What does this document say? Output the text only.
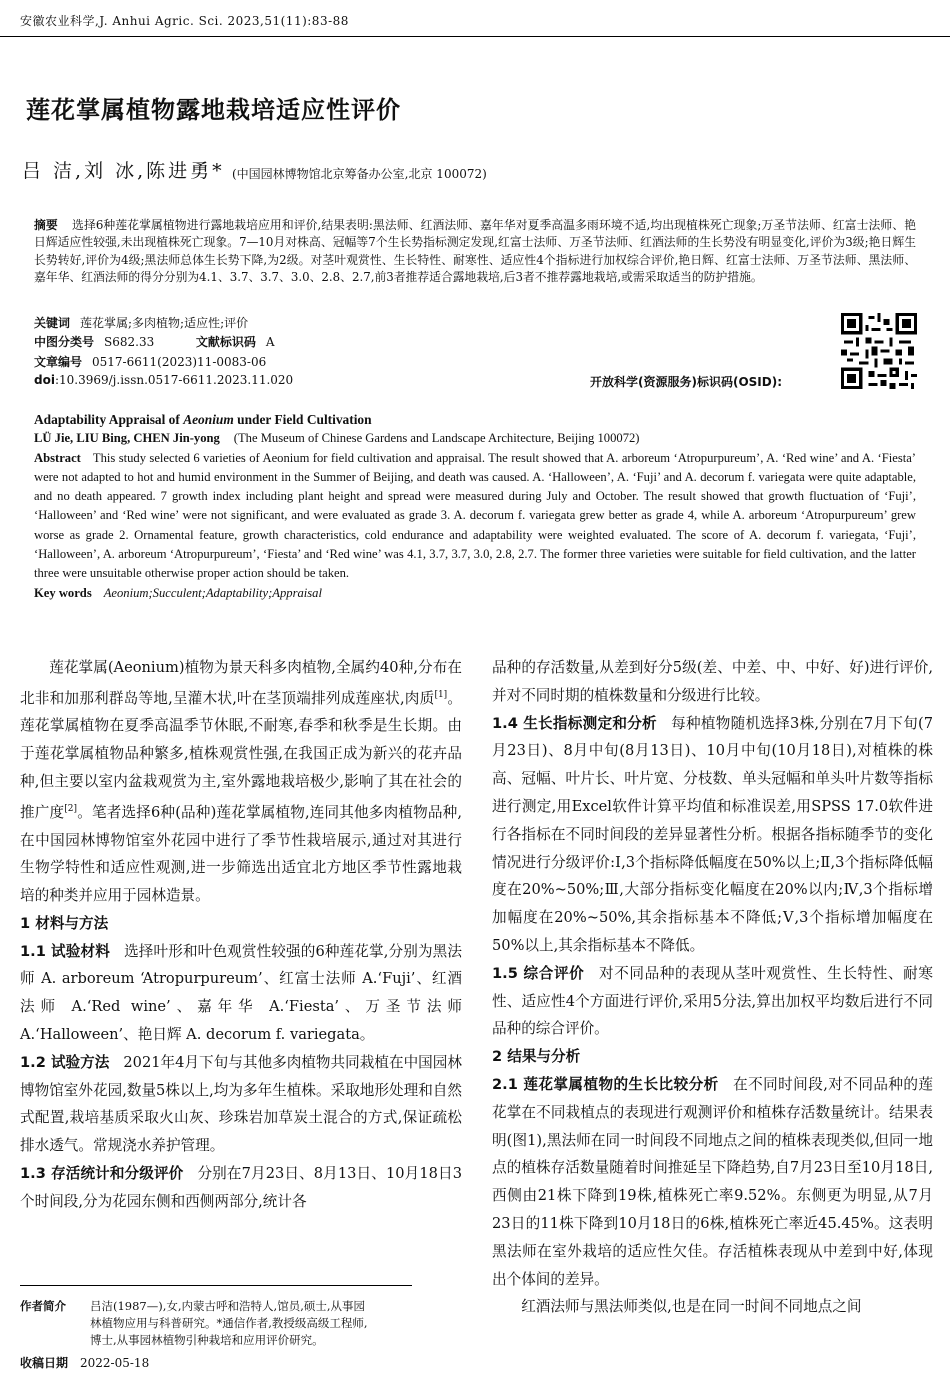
安徽农业科学,J. Anhui Agric. Sci. 2023,51(11):83-88
莲花掌属植物露地栽培适应性评价
吕 洁,刘 冰,陈进勇* (中国园林博物馆北京筹备办公室,北京 100072)
摘要 选择6种莲花掌属植物进行露地栽培应用和评价,结果表明:黑法师、红酒法师、嘉年华对夏季高温多雨环境不适,均出现植株死亡现象;万圣节法师、红富士法师、艳日辉适应性较强,未出现植株死亡现象。7—10月对株高、冠幅等7个生长势指标测定发现,红富士法师、万圣节法师、红酒法师的生长势没有明显变化,评价为3级;艳日辉生长势转好,评价为4级;黑法师总体生长势下降,为2级。对茎叶观赏性、生长特性、耐寒性、适应性4个指标进行加权综合评价,艳日辉、红富士法师、万圣节法师、黑法师、嘉年华、红酒法师的得分分别为4.1、3.7、3.7、3.0、2.8、2.7,前3者推荐适合露地栽培,后3者不推荐露地栽培,或需采取适当的防护措施。
关键词 莲花掌属;多肉植物;适应性;评价
中图分类号 S682.33	文献标识码 A
文章编号 0517-6611(2023)11-0083-06
doi:10.3969/j.issn.0517-6611.2023.11.020	开放科学(资源服务)标识码(OSID):
Adaptability Appraisal of Aeonium under Field Cultivation
LÜ Jie, LIU Bing, CHEN Jin-yong (The Museum of Chinese Gardens and Landscape Architecture, Beijing 100072)
Abstract This study selected 6 varieties of Aeonium for field cultivation and appraisal. The result showed that A. arboreum ‘Atropurpureum’, A. ‘Red wine’ and A. ‘Fiesta’ were not adapted to hot and humid environment in the Summer of Beijing, and death was caused. A. ‘Halloween’, A. ‘Fuji’ and A. decorum f. variegata were quite adaptable, and no death appeared. 7 growth index including plant height and spread were measured during July and October. The result showed that growth fluctuation of ‘Fuji’, ‘Halloween’ and ‘Red wine’ were not significant, and were evaluated as grade 3. A. decorum f. variegata grew better as grade 4, while A. arboreum ‘Atropurpureum’ grew worse as grade 2. Ornamental feature, growth characteristics, cold endurance and adaptability were weighted evaluated. The score of A. decorum f. variegata, ‘Fuji’, ‘Halloween’, A. arboreum ‘Atropurpureum’, ‘Fiesta’ and ‘Red wine’ was 4.1, 3.7, 3.7, 3.0, 2.8, 2.7. The former three varieties were suitable for field cultivation, and the latter three were unsuitable otherwise proper action should be taken.
Key words Aeonium;Succulent;Adaptability;Appraisal

莲花掌属(Aeonium)植物为景天科多肉植物,全属约40种,分布在北非和加那利群岛等地,呈灌木状,叶在茎顶端排列成莲座状,肉质[1]。莲花掌属植物在夏季高温季节休眠,不耐寒,春季和秋季是生长期。由于莲花掌属植物品种繁多,植株观赏性强,在我国正成为新兴的花卉品种,但主要以室内盆栽观赏为主,室外露地栽培极少,影响了其在社会的推广度[2]。笔者选择6种(品种)莲花掌属植物,连同其他多肉植物品种,在中国园林博物馆室外花园中进行了季节性栽培展示,通过对其进行生物学特性和适应性观测,进一步筛选出适宜北方地区季节性露地栽培的种类并应用于园林造景。

1 材料与方法
1.1 试验材料 选择叶形和叶色观赏性较强的6种莲花掌,分别为黑法师 A. arboreum ‘Atropurpureum’、红富士法师 A.‘Fuji’、红酒法师 A.‘Red wine’、嘉年华 A.‘Fiesta’、万圣节法师 A.‘Halloween’、艳日辉 A. decorum f. variegata。
1.2 试验方法 2021年4月下旬与其他多肉植物共同栽植在中国园林博物馆室外花园,数量5株以上,均为多年生植株。采取地形处理和自然式配置,栽培基质采取火山灰、珍珠岩加草炭土混合的方式,保证疏松排水透气。常规浇水养护管理。
1.3 存活统计和分级评价 分别在7月23日、8月13日、10月18日3个时间段,分为花园东侧和西侧两部分,统计各
品种的存活数量,从差到好分5级(差、中差、中、中好、好)进行评价,并对不同时期的植株数量和分级进行比较。
1.4 生长指标测定和分析 每种植物随机选择3株,分别在7月下旬(7月23日)、8月中旬(8月13日)、10月中旬(10月18日),对植株的株高、冠幅、叶片长、叶片宽、分枝数、单头冠幅和单头叶片数等指标进行测定,用Excel软件计算平均值和标准误差,用SPSS 17.0软件进行各指标在不同时间段的差异显著性分析。根据各指标随季节的变化情况进行分级评价:Ⅰ,3个指标降低幅度在50%以上;Ⅱ,3个指标降低幅度在20%~50%;Ⅲ,大部分指标变化幅度在20%以内;Ⅳ,3个指标增加幅度在20%~50%,其余指标基本不降低;Ⅴ,3个指标增加幅度在50%以上,其余指标基本不降低。
1.5 综合评价 对不同品种的表现从茎叶观赏性、生长特性、耐寒性、适应性4个方面进行评价,采用5分法,算出加权平均数后进行不同品种的综合评价。
2 结果与分析
2.1 莲花掌属植物的生长比较分析 在不同时间段,对不同品种的莲花掌在不同栽植点的表现进行观测评价和植株存活数量统计。结果表明(图1),黑法师在同一时间段不同地点之间的植株表现类似,但同一地点的植株存活数量随着时间推延呈下降趋势,自7月23日至10月18日,西侧由21株下降到19株,植株死亡率9.52%。东侧更为明显,从7月23日的11株下降到10月18日的6株,植株死亡率近45.45%。这表明黑法师在室外栽培的适应性欠佳。存活植株表现从中差到中好,体现出个体间的差异。

红酒法师与黑法师类似,也是在同一时间不同地点之间

作者简介 吕洁(1987—),女,内蒙古呼和浩特人,馆员,硕士,从事园
林植物应用与科普研究。*通信作者,教授级高级工程师,
博士,从事园林植物引种栽培和应用评价研究。
收稿日期 2022-05-18
